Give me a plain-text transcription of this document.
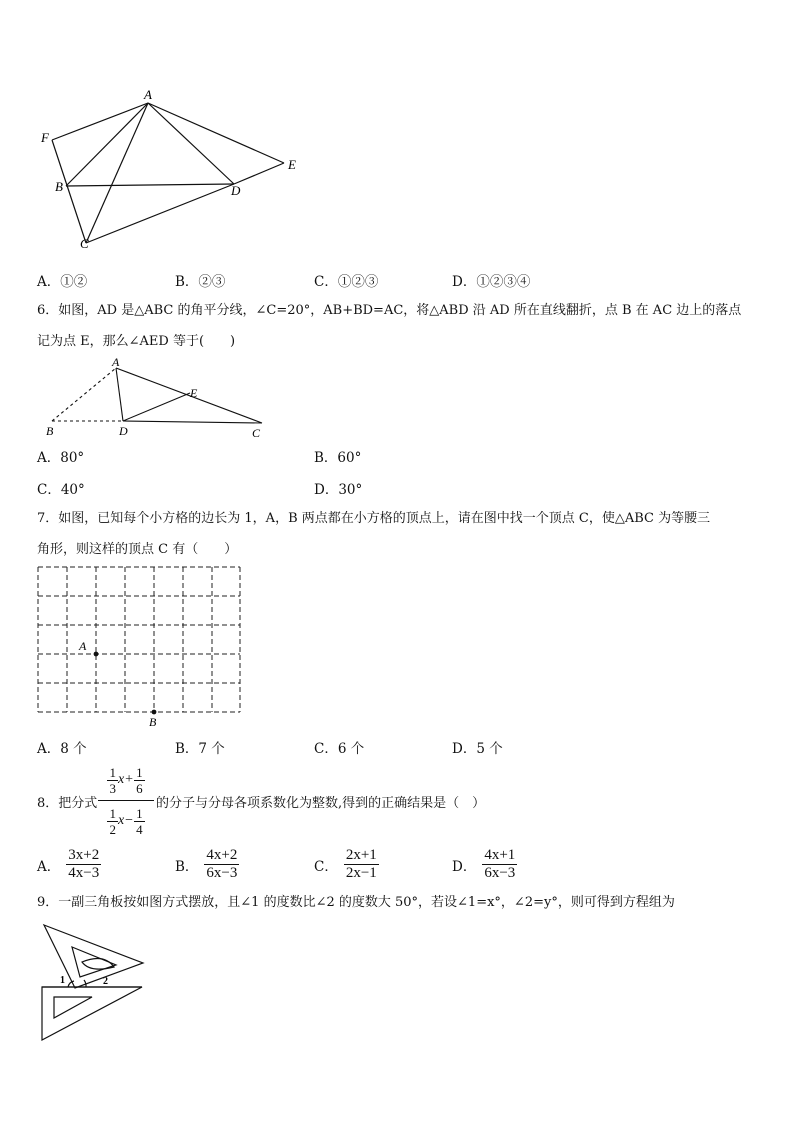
A
F
B
C
D
E
A．①②	B．②③	C．①②③	D．①②③④
6．如图，AD 是△ABC 的角平分线，∠C=20°，AB+BD=AC，将△ABD 沿 AD 所在直线翻折，点 B 在 AC 边上的落点
记为点 E，那么∠AED 等于(　　)
A
B	D
E
C
A．80°	B．60°
C．40°	D．30°
7．如图，已知每个小方格的边长为 1，A，B 两点都在小方格的顶点上，请在图中找一个顶点 C，使△ABC 为等腰三
角形，则这样的顶点 C 有（　　）
A
B
A．8 个	B．7 个	C．6 个	D．5 个
8．把分式
$\frac{1}{3}$ $x + \frac{1}{6}$
$\frac{1}{2}$ $x - \frac{1}{4}$
的分子与分母各项系数化为整数,得到的正确结果是（　）
A． $\frac{3x+2}{4x-3}$	B． $\frac{4x+2}{6x-3}$	C． $\frac{2x+1}{2x-1}$	D． $\frac{4x+1}{6x-3}$
9．一副三角板按如图方式摆放，且∠1 的度数比∠2 的度数大 50°，若设∠1=x°，∠2=y°，则可得到方程组为
1	2
